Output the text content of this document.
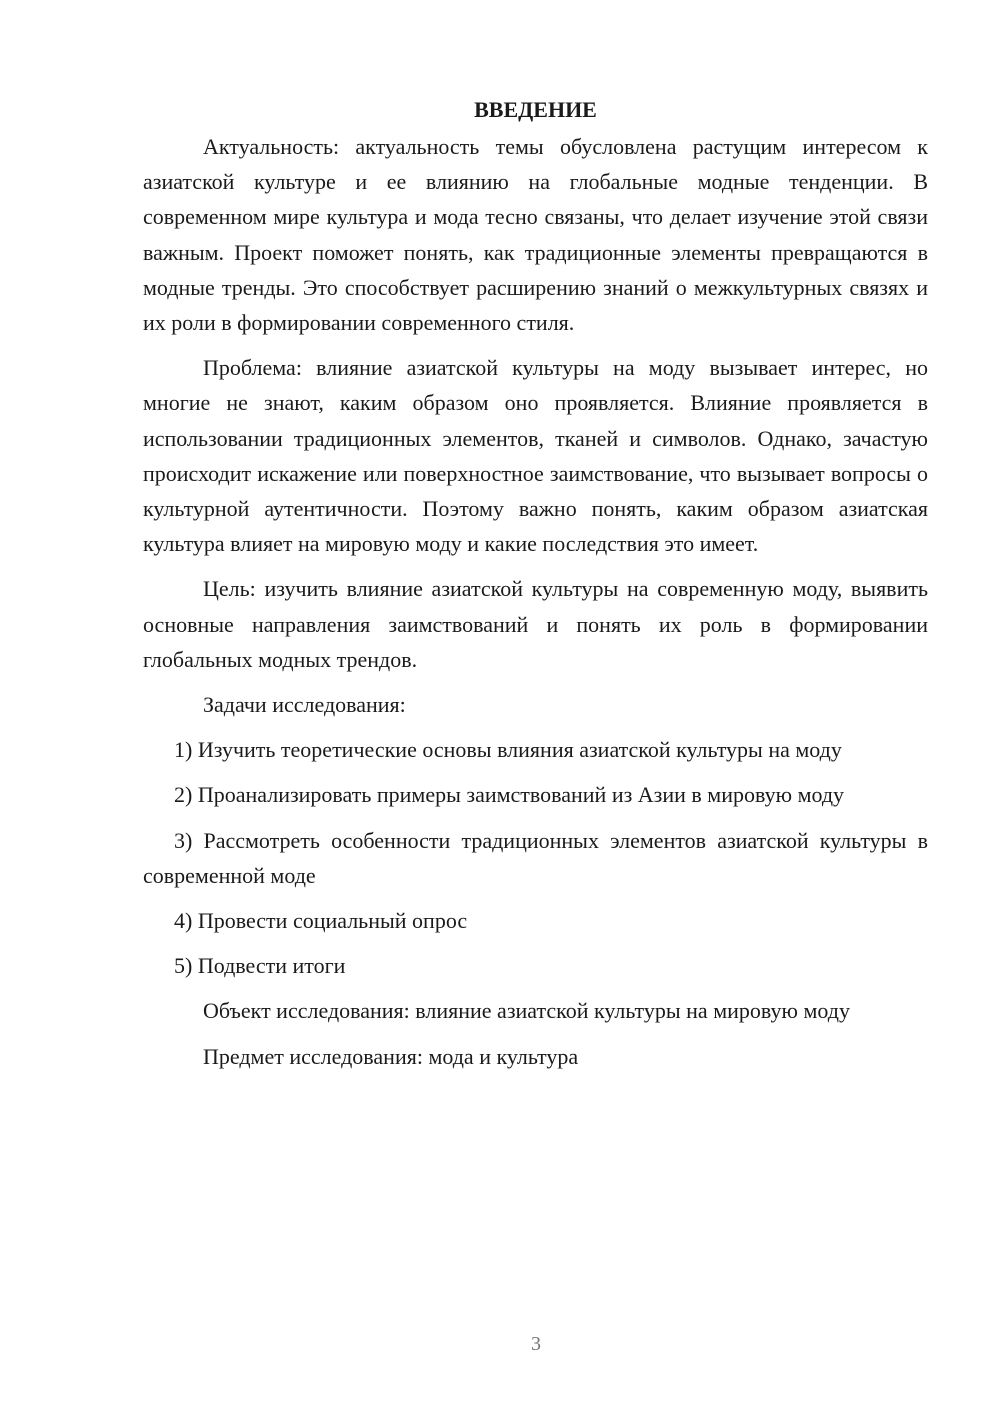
ВВЕДЕНИЕ

Актуальность: актуальность темы обусловлена растущим интересом к азиатской культуре и ее влиянию на глобальные модные тенденции. В современном мире культура и мода тесно связаны, что делает изучение этой связи важным. Проект поможет понять, как традиционные элементы превращаются в модные тренды. Это способствует расширению знаний о межкультурных связях и их роли в формировании современного стиля.

Проблема: влияние азиатской культуры на моду вызывает интерес, но многие не знают, каким образом оно проявляется. Влияние проявляется в использовании традиционных элементов, тканей и символов. Однако, зачастую происходит искажение или поверхностное заимствование, что вызывает вопросы о культурной аутентичности. Поэтому важно понять, каким образом азиатская культура влияет на мировую моду и какие последствия это имеет.

Цель: изучить влияние азиатской культуры на современную моду, выявить основные направления заимствований и понять их роль в формировании глобальных модных трендов.

Задачи исследования:

1) Изучить теоретические основы влияния азиатской культуры на моду

2) Проанализировать примеры заимствований из Азии в мировую моду

3) Рассмотреть особенности традиционных элементов азиатской культуры в современной моде

4) Провести социальный опрос

5) Подвести итоги

Объект исследования: влияние азиатской культуры на мировую моду

Предмет исследования: мода и культура

3
